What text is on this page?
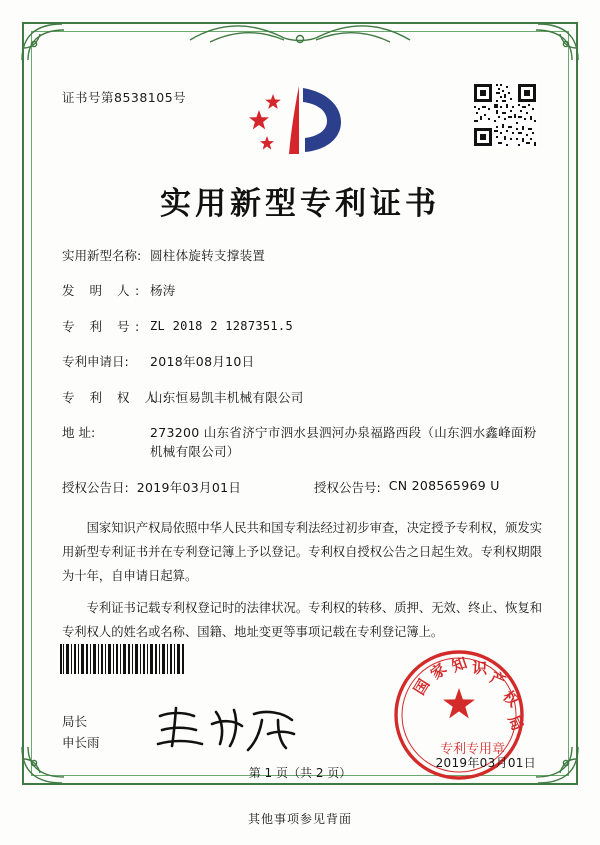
证书号第8538105号
实用新型专利证书
实用新型名称: 圆柱体旋转支撑装置
发 明 人: 杨涛
专 利 号: ZL 2018 2 1287351.5
专利申请日:	2018年08月10日
专 利 权 人:
山东恒易凯丰机械有限公司
地 址:	273200 山东省济宁市泗水县泗河办泉福路西段（山东泗水鑫峰面粉机械有限公司）
授权公告日: 2019年03月01日	授权公告号: CN 208565969 U

国家知识产权局依照中华人民共和国专利法经过初步审查，决定授予专利权，颁发实用新型专利证书并在专利登记簿上予以登记。专利权自授权公告之日起生效。专利权期限为十年，自申请日起算。

专利证书记载专利权登记时的法律状况。专利权的转移、质押、无效、终止、恢复和专利权人的姓名或名称、国籍、地址变更等事项记载在专利登记簿上。

局长
申长雨
国
家 知 识 产
权
局
专利专用章
2019年03月01日
第 1 页（共 2 页）
其他事项参见背面
